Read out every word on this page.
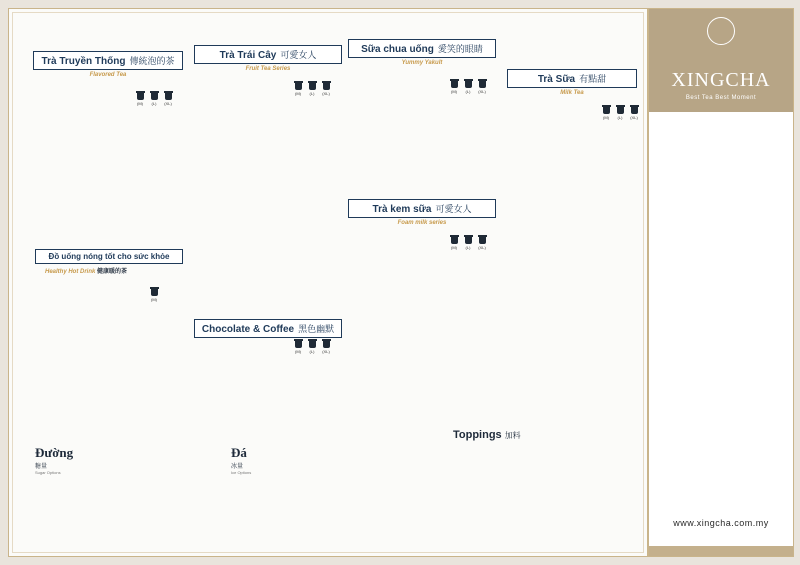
Trà Truyền Thống 傳統泡的茶
Flavored Tea
(M)	(L)	(XL)
Đồ uống nóng tốt cho sức khỏe
Healthy Hot Drink 健康暖的茶
(M)
Trà Trái Cây 可愛女人
Fruit Tea Series
(M)	(L)	(XL)
Chocolate & Coffee 黑色幽默
(M)	(L)	(XL)
Sữa chua uống 愛笑的眼睛
Yummy Yakult
(M)	(L)	(XL)
Trà kem sữa 可愛女人
Foam milk series
(M)	(L)	(XL)
Trà Sữa 有點甜
Milk Tea
(M)	(L)	(XL)
Toppings 加料
Đường
糖量
Sugar Options
Đá
冰量
Ice Options
XINGCHA
Best Tea Best Moment
www.xingcha.com.my
